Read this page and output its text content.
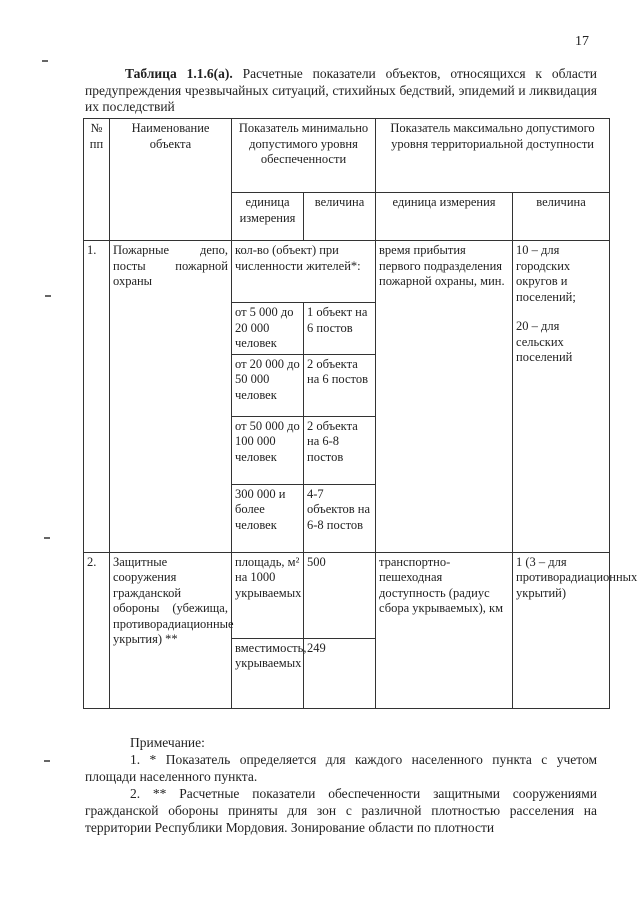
17
Таблица 1.1.6(а). Расчетные показатели объектов, относящихся к области предупреждения чрезвычайных ситуаций, стихийных бедствий, эпидемий и ликвидация их последствий
№ пп	Наименование объекта	Показатель минимально допустимого уровня обеспеченности		Показатель максимально допустимого уровня территориальной доступности	
		единица измерения	величина	единица измерения	величина
1.	Пожарные депо, посты пожарной охраны	кол-во (объект) при численности жителей*:		время прибытия первого подразделения пожарной охраны, мин.	10 – для городских округов и поселений;
20 – для сельских поселений

		от 5 000 до 20 000 человек	1 объект на 6 постов		
		от 20 000 до 50 000 человек	2 объекта на 6 постов		
		от 50 000 до 100 000 человек	2 объекта на 6-8 постов		
		300 000 и более человек	4-7 объектов на 6-8 постов		
2.	Защитные сооружения гражданской обороны (убежища, противорадиационные укрытия) **	площадь, м² на 1000 укрываемых	500	транспортно-пешеходная доступность (радиус сбора укрываемых), км	1 (3 – для противорадиационных укрытий)
		вместимость, укрываемых	249		

Примечание:

1. * Показатель определяется для каждого населенного пункта с учетом площади населенного пункта.

2. ** Расчетные показатели обеспеченности защитными сооружениями гражданской обороны приняты для зон с различной плотностью расселения на территории Республики Мордовия. Зонирование области по плотности
